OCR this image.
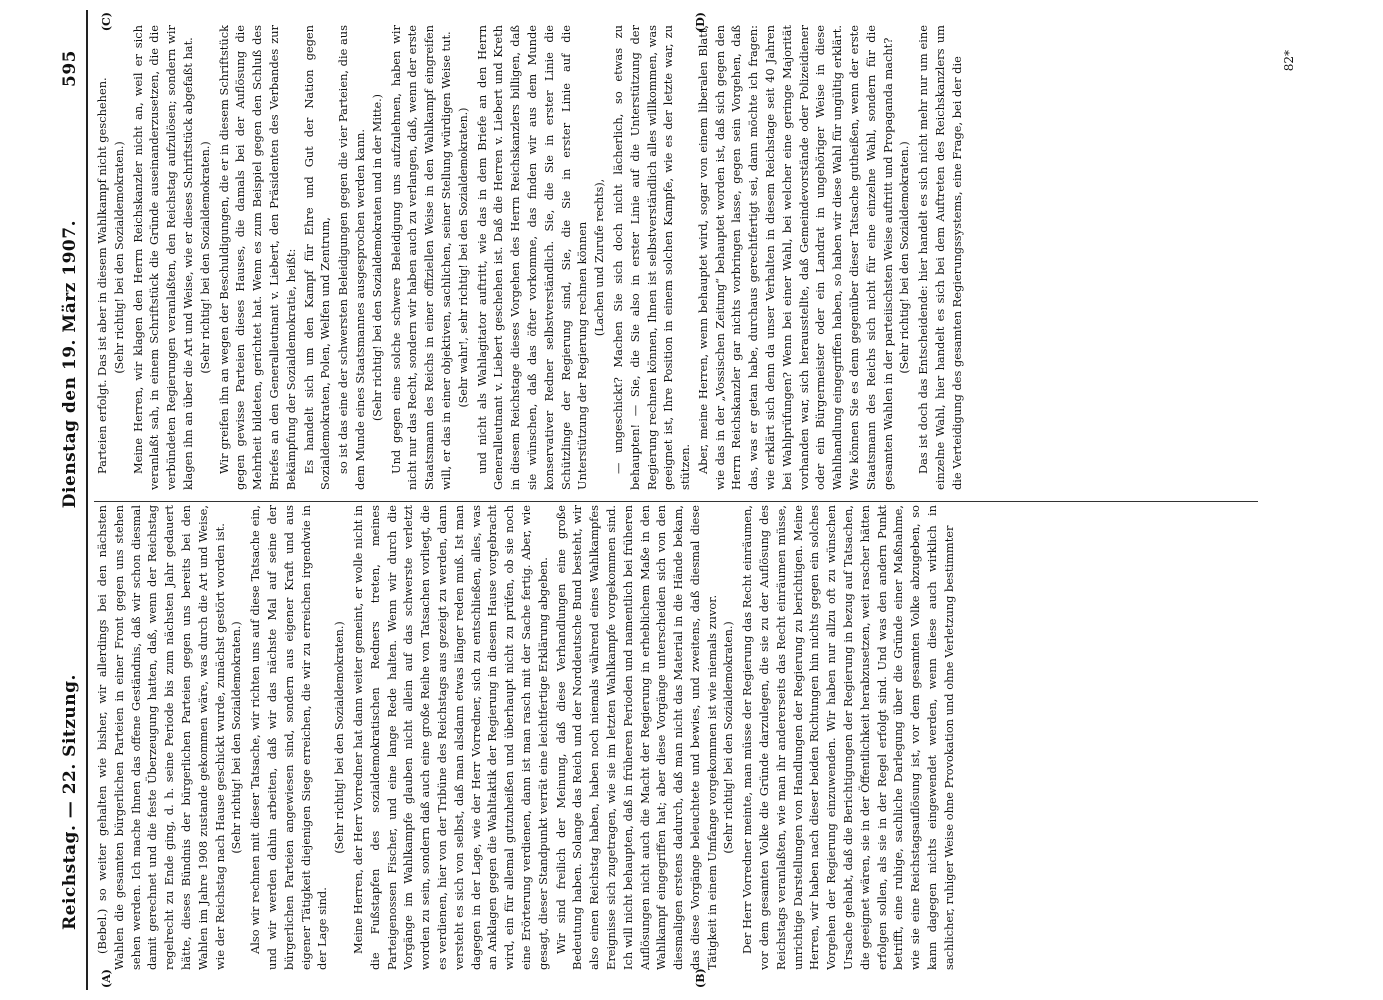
Reichstag. — 22. Sitzung.
Dienstag den 19. März 1907.
595
(A)	(B)
(C)	(D)

(Bebel.) so weiter gehalten wie bisher, wir allerdings bei den nächsten Wahlen die gesamten bürgerlichen Parteien in einer Front gegen uns stehen sehen werden. Ich mache Ihnen das offene Geständnis, daß wir schon diesmal damit gerechnet und die feste Überzeugung hatten, daß, wenn der Reichstag regelrecht zu Ende ging, d. h. seine Periode bis zum nächsten Jahr gedauert hätte, dieses Bündnis der bürgerlichen Parteien gegen uns bereits bei den Wahlen im Jahre 1908 zustande gekommen wäre, was durch die Art und Weise, wie der Reichstag nach Hause geschickt wurde, zunächst gestört worden ist. (Sehr richtig! bei den Sozialdemokraten.) Also wir rechnen mit dieser Tatsache, wir richten uns auf diese Tatsache ein, und wir werden dahin arbeiten, daß wir das nächste Mal auf seine der bürgerlichen Parteien angewiesen sind, sondern aus eigener Kraft und aus eigener Tätigkeit diejenigen Siege erreichen, die wir zu erreichen irgendwie in der Lage sind.

(Sehr richtig! bei den Sozialdemokraten.) Meine Herren, der Herr Vorredner hat dann weiter gemeint, er wolle nicht in die Fußstapfen des sozialdemokratischen Redners treten, meines Parteigenossen Fischer, und eine lange Rede halten. Wenn wir durch die Vorgänge im Wahlkampfe glauben nicht allein auf das schwerste verletzt worden zu sein, sondern daß auch eine große Reihe von Tatsachen vorliegt, die es verdienen, hier von der Tribüne des Reichstags aus gezeigt zu werden, dann versteht es sich von selbst, daß man alsdann etwas länger reden muß. Ist man dagegen in der Lage, wie der Herr Vorredner, sich zu entschließen, alles, was an Anklagen gegen die Wahltaktik der Regierung in diesem Hause vorgebracht wird, ein für allemal gutzuheißen und überhaupt nicht zu prüfen, ob sie noch eine Erörterung verdienen, dann ist man rasch mit der Sache fertig. Aber, wie gesagt, dieser Standpunkt verrät eine leichtfertige Erklärung abgeben. Wir sind freilich der Meinung, daß diese Verhandlungen eine große Bedeutung haben. Solange das Reich und der Norddeutsche Bund besteht, wir also einen Reichstag haben, haben noch niemals während eines Wahlkampfes Ereignisse sich zugetragen, wie sie im letzten Wahlkampfe vorgekommen sind. Ich will nicht behaupten, daß in früheren Perioden und namentlich bei früheren Auflösungen nicht auch die Macht der Regierung in erheblichem Maße in den Wahlkampf eingegriffen hat; aber diese Vorgänge unterscheiden sich von den diesmaligen erstens dadurch, daß man nicht das Material in die Hände bekam, das diese Vorgänge beleuchtete und bewies, und zweitens, daß diesmal diese Tätigkeit in einem Umfange vorgekommen ist wie niemals zuvor. (Sehr richtig! bei den Sozialdemokraten.) Der Herr Vorredner meinte, man müsse der Regierung das Recht einräumen, vor dem gesamten Volke die Gründe darzulegen, die sie zu der Auflösung des Reichstags veranlaßten, wie man ihr andererseits das Recht einräumen müsse, unrichtige Darstellungen von Handlungen der Regierung zu berichtigen. Meine Herren, wir haben nach dieser beiden Richtungen hin nichts gegen ein solches Vorgehen der Regierung einzuwenden. Wir haben nur allzu oft zu wünschen Ursache gehabt, daß die Berichtigungen der Regierung in bezug auf Tatsachen, die geeignet wären, sie in der Öffentlichkeit herabzusetzen, weit rascher hätten erfolgen sollen, als sie in der Regel erfolgt sind. Und was den andern Punkt betrifft, eine ruhige, sachliche Darlegung über die Gründe einer Maßnahme, wie sie eine Reichstagsauflösung ist, vor dem gesamten Volke abzugeben, so kann dagegen nichts eingewendet werden, wenn diese auch wirklich in sachlicher, ruhiger Weise ohne Provokation und ohne Verletzung bestimmter

Parteien erfolgt. Das ist aber in diesem Wahlkampf nicht geschehen. (Sehr richtig! bei den Sozialdemokraten.) Meine Herren, wir klagen den Herrn Reichskanzler nicht an, weil er sich veranlaßt sah, in einem Schriftstück die Gründe auseinanderzusetzen, die die verbündeten Regierungen veranlaßten, den Reichstag aufzulösen; sondern wir klagen ihn an über die Art und Weise, wie er dieses Schriftstück abgefaßt hat. (Sehr richtig! bei den Sozialdemokraten.) Wir greifen ihn an wegen der Beschuldigungen, die er in diesem Schriftstück gegen gewisse Parteien dieses Hauses, die damals bei der Auflösung die Mehrheit bildeten, gerichtet hat. Wenn es zum Beispiel gegen den Schluß des Briefes an den Generalleutnant v. Liebert, den Präsidenten des Verbandes zur Bekämpfung der Sozialdemokratie, heißt: Es handelt sich um den Kampf für Ehre und Gut der Nation gegen Sozialdemokraten, Polen, Welfen und Zentrum, so ist das eine der schwersten Beleidigungen gegen die vier Parteien, die aus dem Munde eines Staatsmannes ausgesprochen werden kann. (Sehr richtig! bei den Sozialdemokraten und in der Mitte.) Und gegen eine solche schwere Beleidigung uns aufzulehnen, haben wir nicht nur das Recht, sondern wir haben auch zu verlangen, daß, wenn der erste Staatsmann des Reichs in einer offiziellen Weise in den Wahlkampf eingreifen will, er das in einer objektiven, sachlichen, seiner Stellung würdigen Weise tut. (Sehr wahr!, sehr richtig! bei den Sozialdemokraten.) und nicht als Wahlagitator auftritt, wie das in dem Briefe an den Herrn Generalleutnant v. Liebert geschehen ist. Daß die Herren v. Liebert und Kreth in diesem Reichstage dieses Vorgehen des Herrn Reichskanzlers billigen, daß sie wünschen, daß das öfter vorkomme, das finden wir aus dem Munde konservativer Redner selbstverständlich. Sie, die Sie in erster Linie die Schützlinge der Regierung sind, Sie, die Sie in erster Linie auf die Unterstützung der Regierung rechnen können (Lachen und Zurufe rechts), — ungeschickt? Machen Sie sich doch nicht lächerlich, so etwas zu behaupten! — Sie, die Sie also in erster Linie auf die Unterstützung der Regierung rechnen können, Ihnen ist selbstverständlich alles willkommen, was geeignet ist, Ihre Position in einem solchen Kampfe, wie es der letzte war, zu stützen. Aber, meine Herren, wenn behauptet wird, sogar von einem liberalen Blatt, wie das in der „Vossischen Zeitung“ behauptet worden ist, daß sich gegen den Herrn Reichskanzler gar nichts vorbringen lasse, gegen sein Vorgehen, daß das, was er getan habe, durchaus gerechtfertigt sei, dann möchte ich fragen: wie erklärt sich denn da unser Verhalten in diesem Reichstage seit 40 Jahren bei Wahlprüfungen? Wenn bei einer Wahl, bei welcher eine geringe Majorität vorhanden war, sich herausstellte, daß Gemeindevorstände oder Polizeidiener oder ein Bürgermeister oder ein Landrat in ungehöriger Weise in diese Wahlhandlung eingegriffen haben, so haben wir diese Wahl für ungültig erklärt. Wie können Sie es denn gegenüber dieser Tatsache gutheißen, wenn der erste Staatsmann des Reichs sich nicht für eine einzelne Wahl, sondern für die gesamten Wahlen in der parteiischsten Weise auftritt und Propaganda macht? (Sehr richtig! bei den Sozialdemokraten.) Das ist doch das Entscheidende: hier handelt es sich nicht mehr nur um eine einzelne Wahl, hier handelt es sich bei dem Auftreten des Reichskanzlers um die Verteidigung des gesamten Regierungssystems, eine Frage, bei der die	82*
